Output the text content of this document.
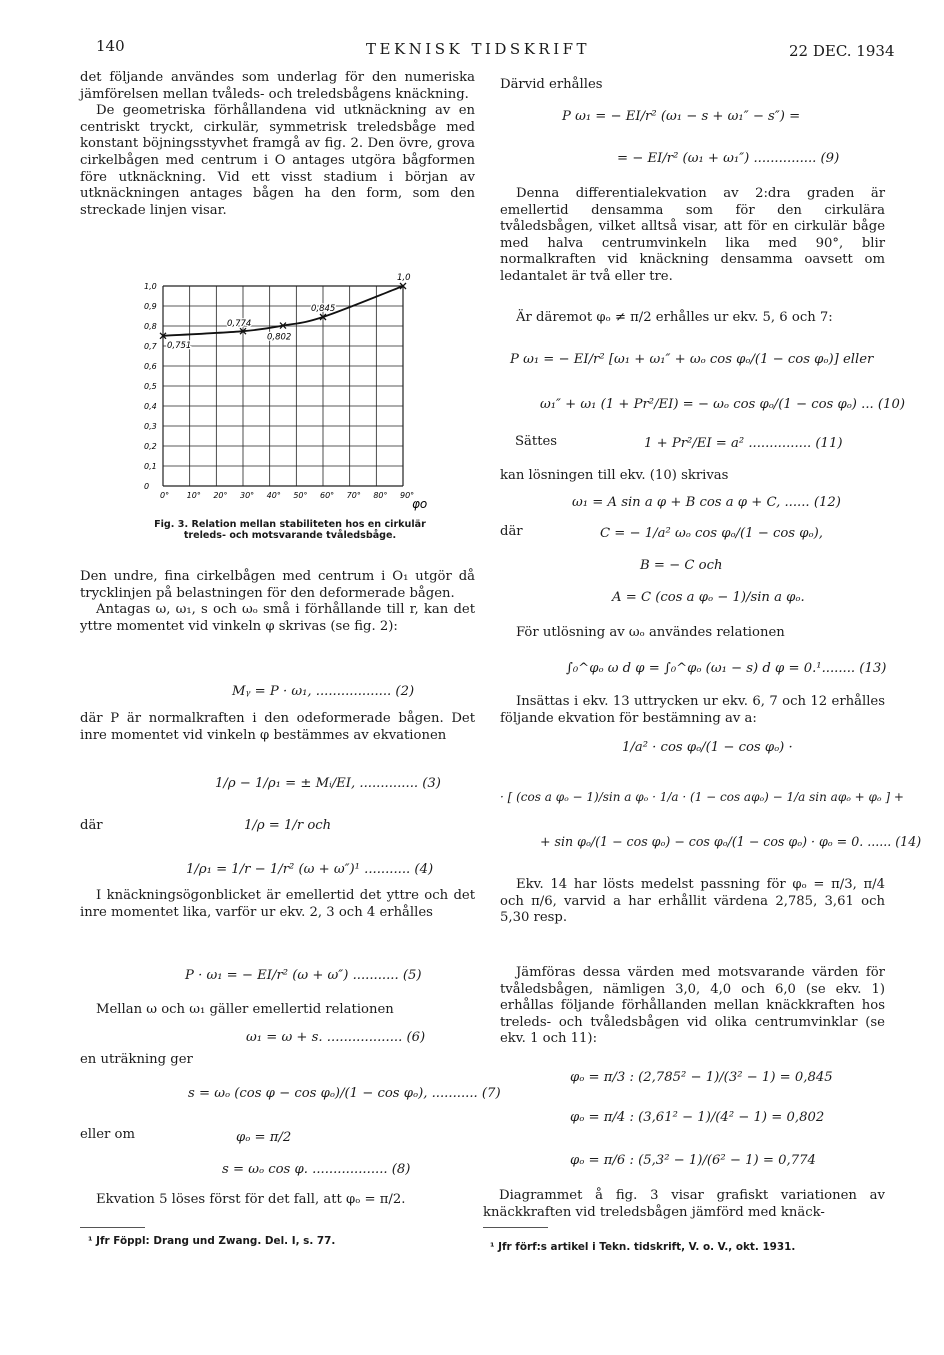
140	TEKNISK TIDSKRIFT	22 DEC. 1934

det följande användes som underlag för den numeriska jämförelsen mellan tvåleds- och treledsbågens knäckning.

De geometriska förhållandena vid utknäckning av en centriskt tryckt, cirkulär, symmetrisk treledsbåge med konstant böjningsstyvhet framgå av fig. 2. Den övre, grova cirkelbågen med centrum i O antages utgöra bågformen före utknäckning. Vid ett visst stadium i början av utknäckningen antages bågen ha den form, som den streckade linjen visar.

0
0,1
0,2
0,3
0,4
0,5
0,6
0,7
0,8
0,9
1,0
0° 10° 20° 30° 40° 50° 60° 70° 80° 90°
0,751
0,774
0,802
0,845
1,0
φo
Fig. 3. Relation mellan stabiliteten hos en cirkulär
treleds- och motsvarande tvåledsbåge.

Den undre, fina cirkelbågen med centrum i O₁ utgör då trycklinjen på belastningen för den deformerade bågen.

Antagas ω, ω₁, s och ωₒ små i förhållande till r, kan det yttre momentet vid vinkeln φ skrivas (se fig. 2):

Mᵧ = P · ω₁, .................. (2)

där P är normalkraften i den odeformerade bågen. Det inre momentet vid vinkeln φ bestämmes av ekvationen

1/ρ − 1/ρ₁ = ± Mᵢ/EI, .............. (3)
där	1/ρ = 1/r och
1/ρ₁ = 1/r − 1/r² (ω + ω″)¹ ........... (4)

I knäckningsögonblicket är emellertid det yttre och det inre momentet lika, varför ur ekv. 2, 3 och 4 erhålles

P · ω₁ = − EI/r² (ω + ω″) ........... (5)

Mellan ω och ω₁ gäller emellertid relationen

ω₁ = ω + s. .................. (6)
en uträkning ger
s = ωₒ (cos φ − cos φₒ)/(1 − cos φₒ), ........... (7)
eller om	φₒ = π/2
s = ωₒ cos φ. .................. (8)

Ekvation 5 löses först för det fall, att φₒ = π/2.

¹ Jfr Föppl: Drang und Zwang. Del. I, s. 77.

Därvid erhålles

P ω₁ = − EI/r² (ω₁ − s + ω₁″ − s″) =
= − EI/r² (ω₁ + ω₁″) ............... (9)

Denna differentialekvation av 2:dra graden är emellertid densamma som för den cirkulära tvåledsbågen, vilket alltså visar, att för en cirkulär båge med halva centrumvinkeln lika med 90°, blir normalkraften vid knäckning densamma oavsett om ledantalet är två eller tre.

Är däremot φₒ ≠ π/2 erhålles ur ekv. 5, 6 och 7:

P ω₁ = − EI/r² [ω₁ + ω₁″ + ωₒ cos φₒ/(1 − cos φₒ)] eller
ω₁″ + ω₁ (1 + Pr²/EI) = − ωₒ cos φₒ/(1 − cos φₒ) ... (10)
Sättes	1 + Pr²/EI = a² ............... (11)

kan lösningen till ekv. (10) skrivas

ω₁ = A sin a φ + B cos a φ + C, ...... (12)
där	C = − 1/a² ωₒ cos φₒ/(1 − cos φₒ),
B = − C och
A = C (cos a φₒ − 1)/sin a φₒ.

För utlösning av ωₒ användes relationen

∫₀^φₒ ω d φ = ∫₀^φₒ (ω₁ − s) d φ = 0.¹........ (13)

Insättas i ekv. 13 uttrycken ur ekv. 6, 7 och 12 erhålles följande ekvation för bestämning av a:

1/a² · cos φₒ/(1 − cos φₒ) ·
· [ (cos a φₒ − 1)/sin a φₒ · 1/a · (1 − cos aφₒ) − 1/a sin aφₒ + φₒ ] +
+ sin φₒ/(1 − cos φₒ) − cos φₒ/(1 − cos φₒ) · φₒ = 0. ...... (14)

Ekv. 14 har lösts medelst passning för φₒ = π/3, π/4 och π/6, varvid a har erhållit värdena 2,785, 3,61 och 5,30 resp.

Jämföras dessa värden med motsvarande värden för tvåledsbågen, nämligen 3,0, 4,0 och 6,0 (se ekv. 1) erhållas följande förhållanden mellan knäckkraften hos treleds- och tvåledsbågen vid olika centrumvinklar (se ekv. 1 och 11):

φₒ = π/3 : (2,785² − 1)/(3² − 1) = 0,845
φₒ = π/4 : (3,61² − 1)/(4² − 1) = 0,802
φₒ = π/6 : (5,3² − 1)/(6² − 1) = 0,774

Diagrammet å fig. 3 visar grafiskt variationen av knäckkraften vid treledsbågen jämförd med knäck-

¹ Jfr förf:s artikel i Tekn. tidskrift, V. o. V., okt. 1931.
